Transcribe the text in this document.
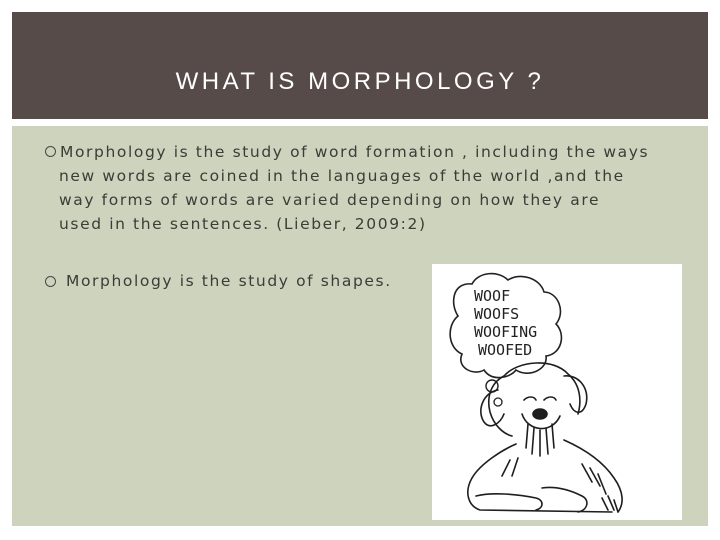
WHAT IS MORPHOLOGY ?
Morphology is the study of word formation , including the ways
new words are coined in the languages of the world ,and the
way forms of words are varied depending on how they are
used in the sentences. (Lieber, 2009:2)
Morphology is the study of shapes.
WOOF
WOOFS
WOOFING
WOOFED
